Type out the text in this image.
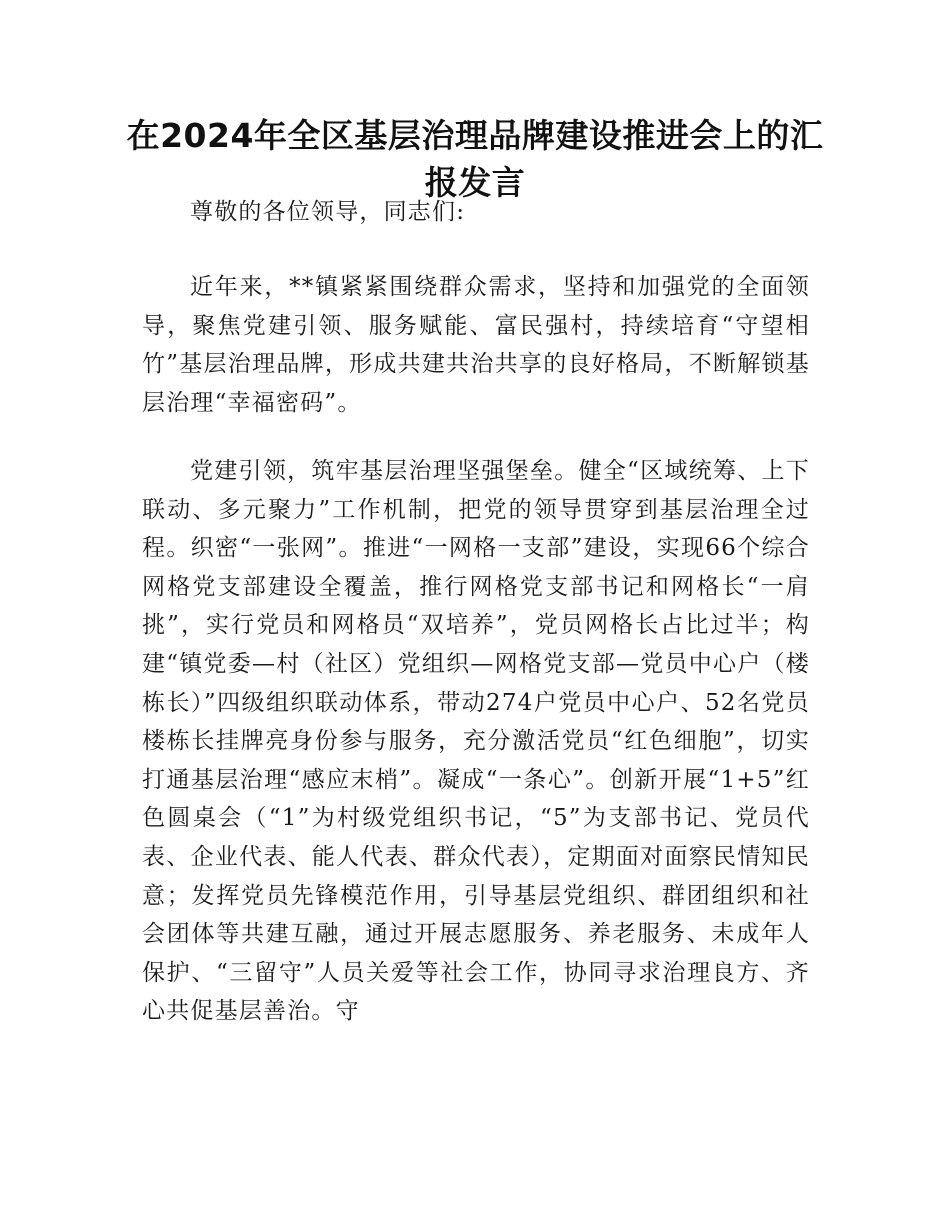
在2024年全区基层治理品牌建设推进会上的汇报发言

尊敬的各位领导，同志们:

近年来，**镇紧紧围绕群众需求，坚持和加强党的全面领导，聚焦党建引领、服务赋能、富民强村，持续培育“守望相竹”基层治理品牌，形成共建共治共享的良好格局，不断解锁基层治理“幸福密码”。

党建引领，筑牢基层治理坚强堡垒。健全“区域统筹、上下联动、多元聚力”工作机制，把党的领导贯穿到基层治理全过程。织密“一张网”。推进“一网格一支部”建设，实现66个综合网格党支部建设全覆盖，推行网格党支部书记和网格长“一肩挑”，实行党员和网格员“双培养”，党员网格长占比过半；构建“镇党委—村（社区）党组织—网格党支部—党员中心户（楼栋长）”四级组织联动体系，带动274户党员中心户、52名党员楼栋长挂牌亮身份参与服务，充分激活党员“红色细胞”，切实打通基层治理“感应末梢”。凝成“一条心”。创新开展“1+5”红色圆桌会（“1”为村级党组织书记，“5”为支部书记、党员代表、企业代表、能人代表、群众代表），定期面对面察民情知民意；发挥党员先锋模范作用，引导基层党组织、群团组织和社会团体等共建互融，通过开展志愿服务、养老服务、未成年人保护、“三留守”人员关爱等社会工作，协同寻求治理良方、齐心共促基层善治。守
